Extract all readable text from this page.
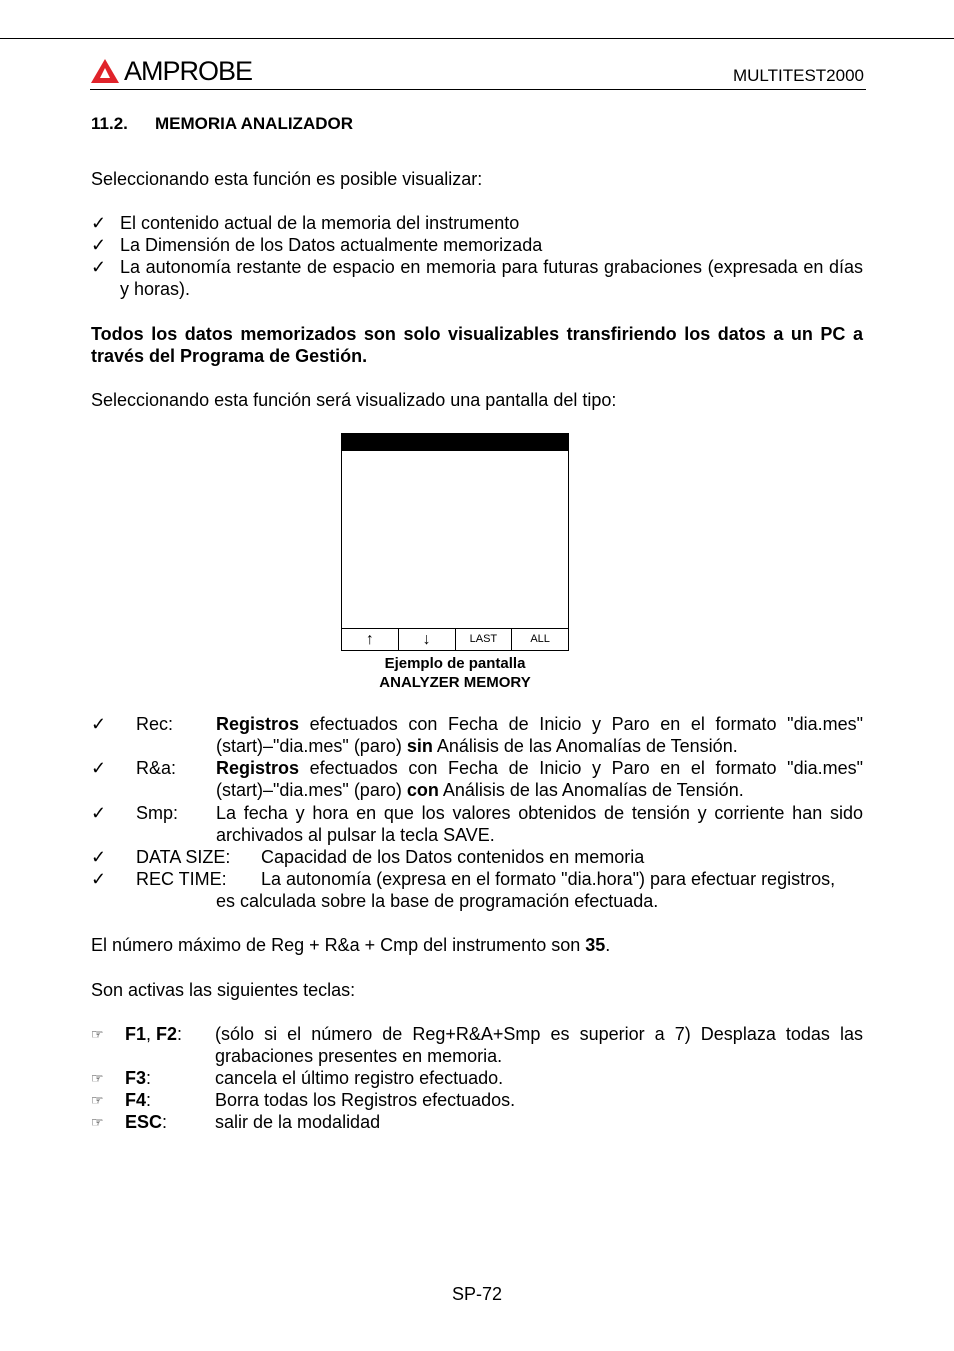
AMPROBE	MULTITEST2000
11.2. MEMORIA ANALIZADOR
Seleccionando esta función es posible visualizar:
✓ El contenido actual de la memoria del instrumento
✓ La Dimensión de los Datos actualmente memorizada
✓ La autonomía restante de espacio en memoria para futuras grabaciones (expresada en días y horas).
Todos los datos memorizados son solo visualizables transfiriendo los datos a un PC a través del Programa de Gestión.
Seleccionando esta función será visualizado una pantalla del tipo:
↑	↓	LAST	ALL
Ejemplo de pantalla
ANALYZER MEMORY
✓	Rec:	Registros efectuados con Fecha de Inicio y Paro en el formato "dia.mes" (start)–"dia.mes" (paro) sin Análisis de las Anomalías de Tensión.
✓	R&a:	Registros efectuados con Fecha de Inicio y Paro en el formato "dia.mes" (start)–"dia.mes" (paro) con Análisis de las Anomalías de Tensión.
✓	Smp:	La fecha y hora en que los valores obtenidos de tensión y corriente han sido archivados al pulsar la tecla SAVE.
✓	DATA SIZE:	Capacidad de los Datos contenidos en memoria
✓	REC TIME:	La autonomía (expresa en el formato "dia.hora") para efectuar registros,
es calculada sobre la base de programación efectuada.
El número máximo de Reg + R&a + Cmp del instrumento son 35.
Son activas las siguientes teclas:
☞	F1, F2:	(sólo si el número de Reg+R&A+Smp es superior a 7) Desplaza todas las grabaciones presentes en memoria.
☞	F3:	cancela el último registro efectuado.
☞	F4:	Borra todas los Registros efectuados.
☞	ESC:	salir de la modalidad
SP-72
